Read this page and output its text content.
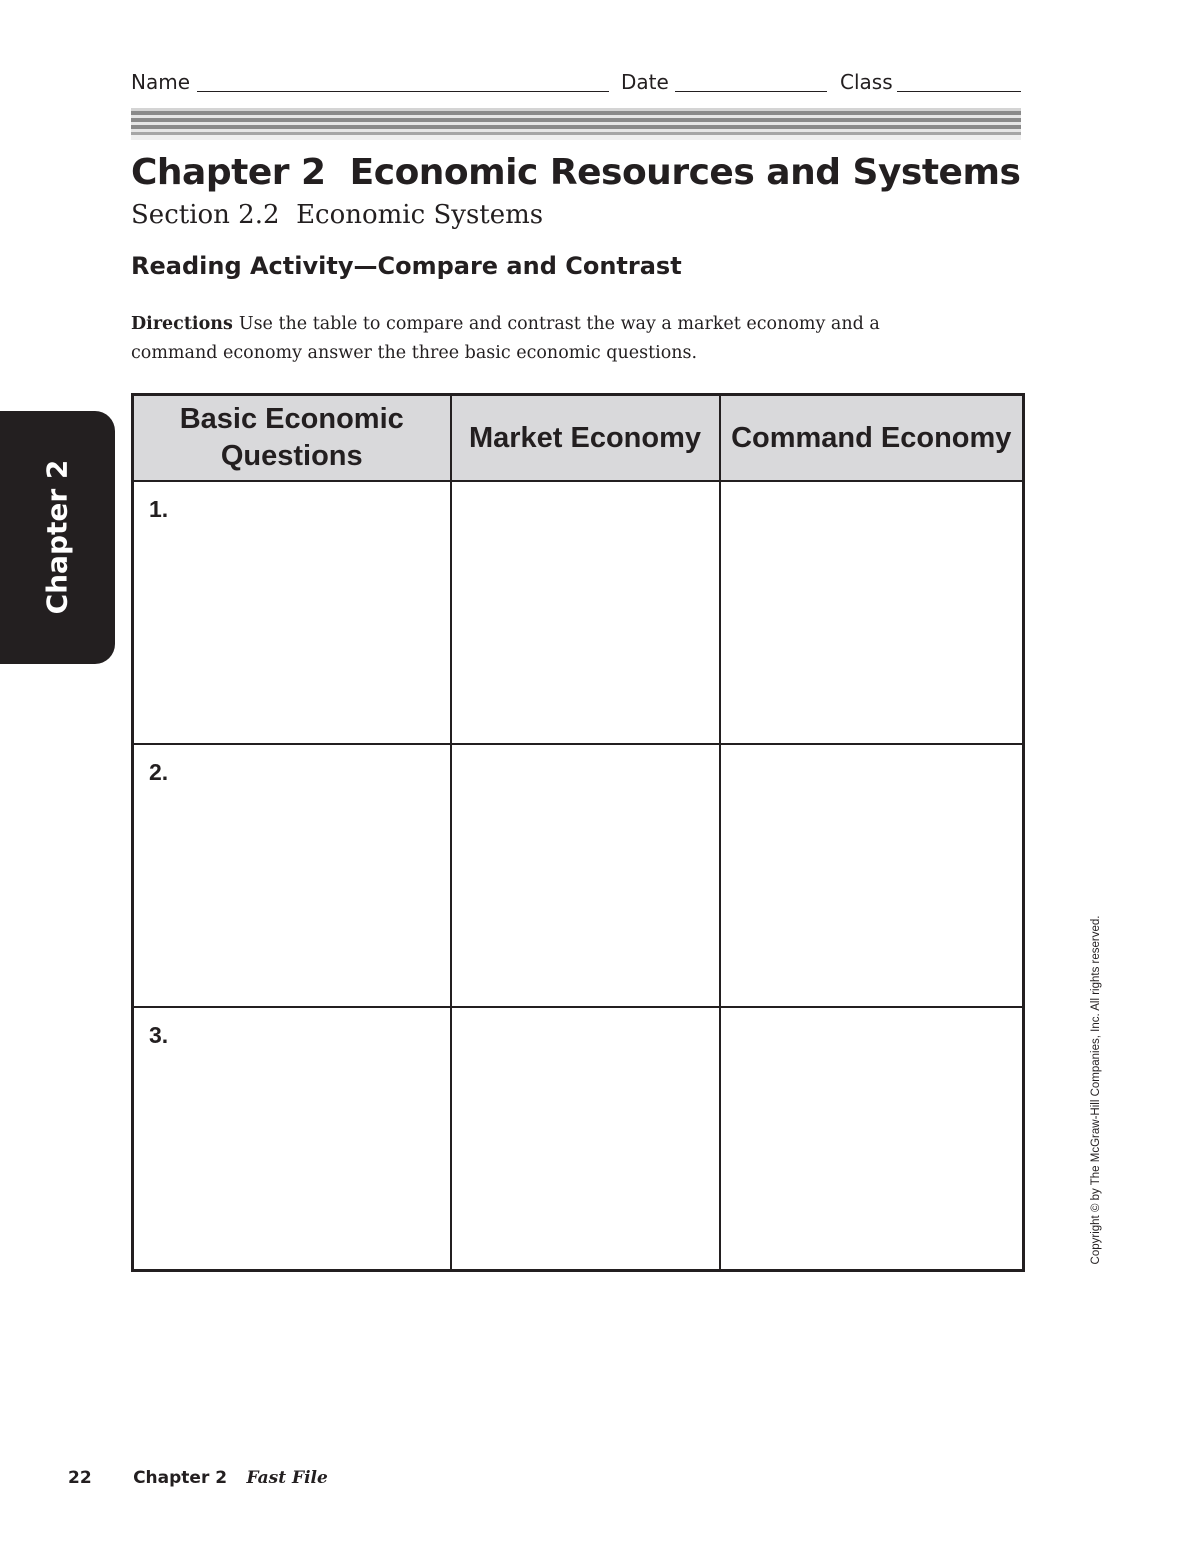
Name	Date	Class
Chapter 2  Economic Resources and Systems
Section 2.2  Economic Systems
Reading Activity—Compare and Contrast
Directions Use the table to compare and contrast the way a market economy and a command economy answer the three basic economic questions.
Basic Economic Questions	Market Economy	Command Economy

1.		

2.		

3.		

Chapter 2
Copyright © by The McGraw-Hill Companies, Inc. All rights reserved.
22 Chapter 2 Fast File
